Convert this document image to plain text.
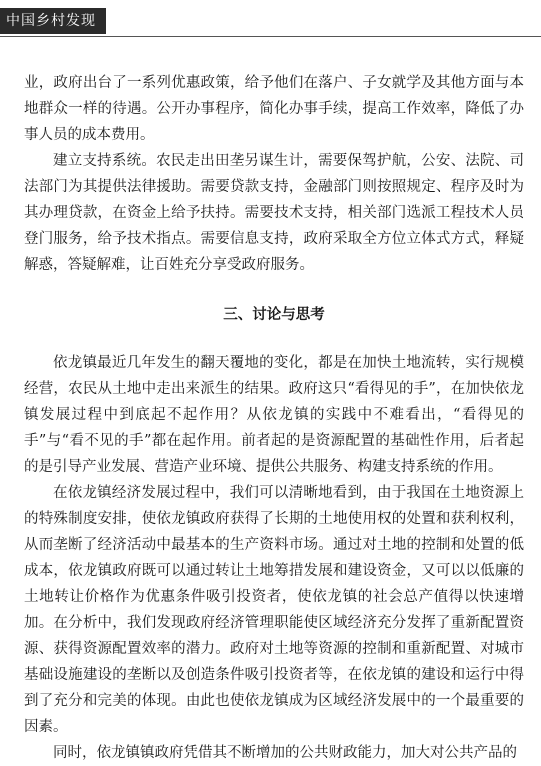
中国乡村发现

业，政府出台了一系列优惠政策，给予他们在落户、子女就学及其他方面与本地群众一样的待遇。公开办事程序，简化办事手续，提高工作效率，降低了办事人员的成本费用。

建立支持系统。农民走出田垄另谋生计，需要保驾护航，公安、法院、司法部门为其提供法律援助。需要贷款支持，金融部门则按照规定、程序及时为其办理贷款，在资金上给予扶持。需要技术支持，相关部门选派工程技术人员登门服务，给予技术指点。需要信息支持，政府采取全方位立体式方式，释疑解惑，答疑解难，让百姓充分享受政府服务。

三、讨论与思考

依龙镇最近几年发生的翻天覆地的变化，都是在加快土地流转，实行规模经营，农民从土地中走出来派生的结果。政府这只“看得见的手”，在加快依龙镇发展过程中到底起不起作用？从依龙镇的实践中不难看出，“看得见的手”与“看不见的手”都在起作用。前者起的是资源配置的基础性作用，后者起的是引导产业发展、营造产业环境、提供公共服务、构建支持系统的作用。

在依龙镇经济发展过程中，我们可以清晰地看到，由于我国在土地资源上的特殊制度安排，使依龙镇政府获得了长期的土地使用权的处置和获利权利，从而垄断了经济活动中最基本的生产资料市场。通过对土地的控制和处置的低成本，依龙镇政府既可以通过转让土地筹措发展和建设资金，又可以以低廉的土地转让价格作为优惠条件吸引投资者，使依龙镇的社会总产值得以快速增加。在分析中，我们发现政府经济管理职能使区域经济充分发挥了重新配置资源、获得资源配置效率的潜力。政府对土地等资源的控制和重新配置、对城市基础设施建设的垄断以及创造条件吸引投资者等，在依龙镇的建设和运行中得到了充分和完美的体现。由此也使依龙镇成为区域经济发展中的一个最重要的因素。

同时，依龙镇镇政府凭借其不断增加的公共财政能力，加大对公共产品的
